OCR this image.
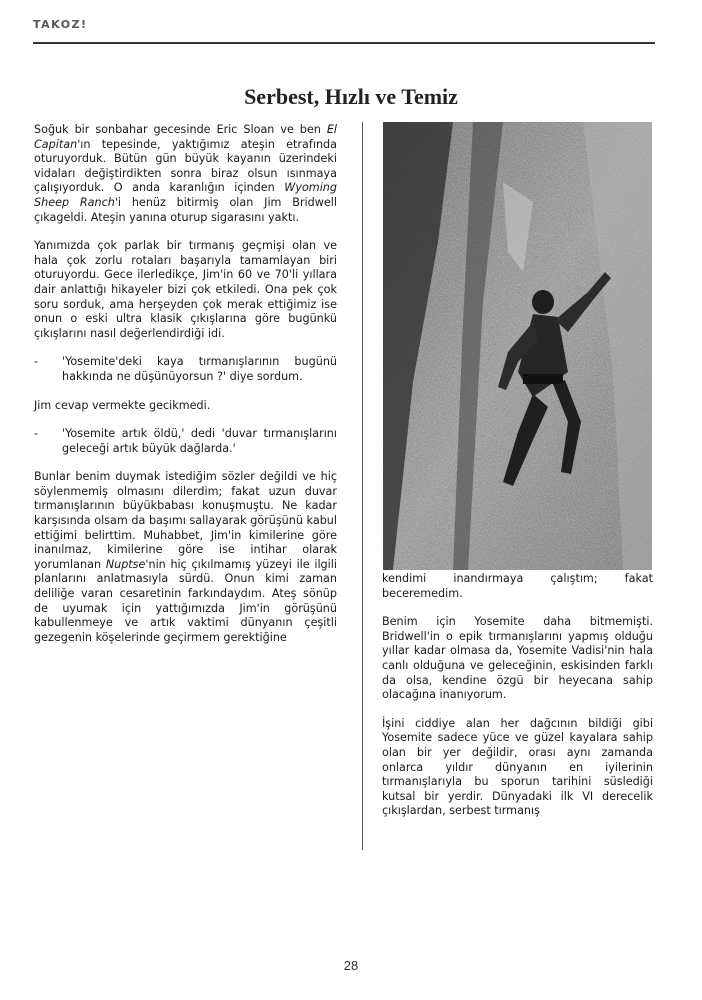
TAKOZ!
Serbest, Hızlı ve Temiz

Soğuk bir sonbahar gecesinde Eric Sloan ve ben El Capitan'ın tepesinde, yaktığımız ateşin etrafında oturuyorduk. Bütün gün büyük kayanın üzerindeki vidaları değiştirdikten sonra biraz olsun ısınmaya çalışıyorduk. O anda karanlığın içinden Wyoming Sheep Ranch'i henüz bitirmiş olan Jim Bridwell çıkageldi. Ateşin yanına oturup sigarasını yaktı.

Yanımızda çok parlak bir tırmanış geçmişi olan ve hala çok zorlu rotaları başarıyla tamamlayan biri oturuyordu. Gece ilerledikçe, Jim'in 60 ve 70'li yıllara dair anlattığı hikayeler bizi çok etkiledi. Ona pek çok soru sorduk, ama herşeyden çok merak ettiğimiz ise onun o eski ultra klasik çıkışlarına göre bugünkü çıkışlarını nasıl değerlendirdiği idi.

-	'Yosemite'deki kaya tırmanışlarının bugünü hakkında ne düşünüyorsun ?' diye sordum.

Jim cevap vermekte gecikmedi.

-	'Yosemite artık öldü,' dedi 'duvar tırmanışlarını geleceği artık büyük dağlarda.'

Bunlar benim duymak istediğim sözler değildi ve hiç söylenmemiş olmasını dilerdim; fakat uzun duvar tırmanışlarının büyükbabası konuşmuştu. Ne kadar karşısında olsam da başımı sallayarak görüşünü kabul ettiğimi belirttim. Muhabbet, Jim'in kimilerine göre inanılmaz, kimilerine göre ise intihar olarak yorumlanan Nuptse'nin hiç çıkılmamış yüzeyi ile ilgili planlarını anlatmasıyla sürdü. Onun kimi zaman deliliğe varan cesaretinin farkındaydım. Ateş sönüp de uyumak için yattığımızda Jim'in görüşünü kabullenmeye ve artık vaktimi dünyanın çeşitli gezegenin köşelerinde geçirmem gerektiğine

kendimi inandırmaya çalıştım; fakat beceremedim.

Benim için Yosemite daha bitmemişti. Bridwell'in o epik tırmanışlarını yapmış olduğu yıllar kadar olmasa da, Yosemite Vadisi'nin hala canlı olduğuna ve geleceğinin, eskisinden farklı da olsa, kendine özgü bir heyecana sahip olacağına inanıyorum.

İşini ciddiye alan her dağcının bildiği gibi Yosemite sadece yüce ve güzel kayalara sahip olan bir yer değildir, orası aynı zamanda onlarca yıldır dünyanın en iyilerinin tırmanışlarıyla bu sporun tarihini süslediği kutsal bir yerdir. Dünyadaki ilk VI derecelik çıkışlardan, serbest tırmanış

28
